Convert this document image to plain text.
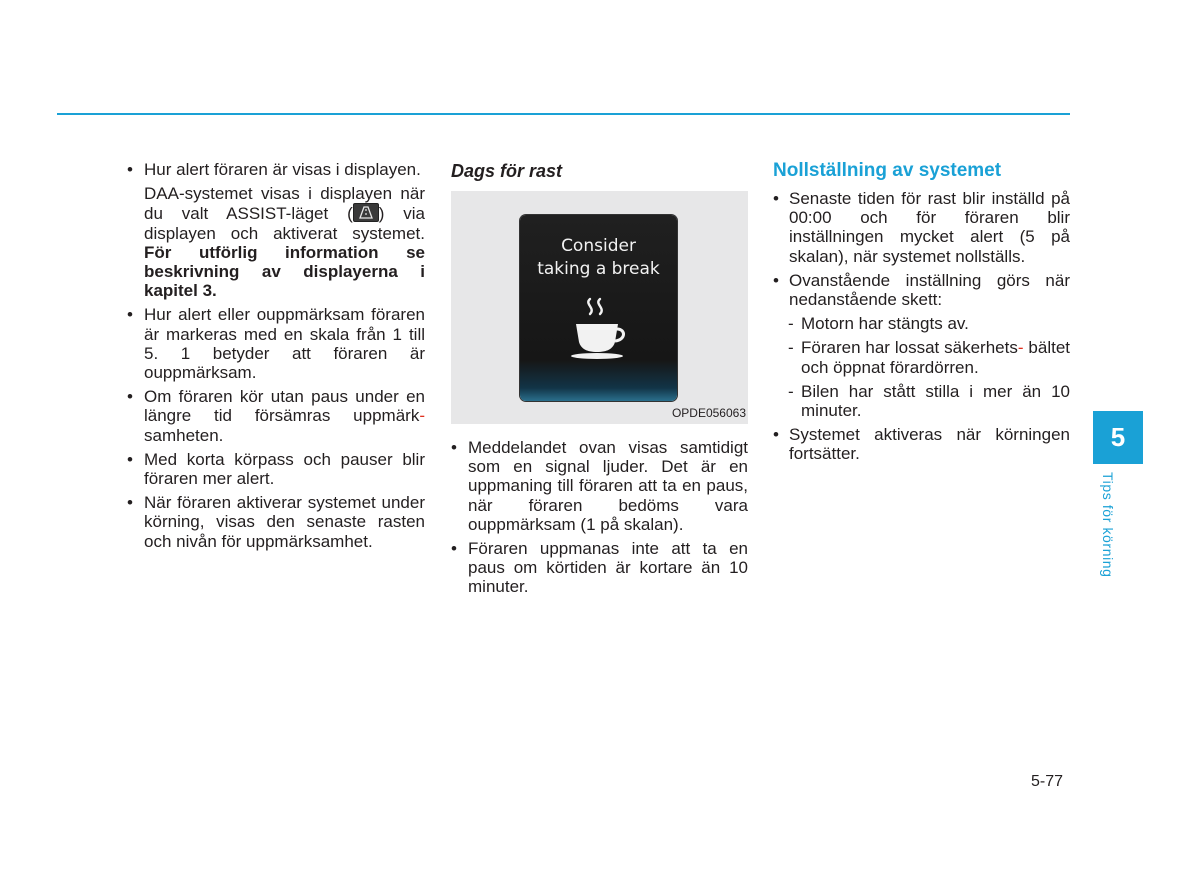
• Hur alert föraren är visas i displayen.
DAA-systemet visas i displayen när du valt ASSIST-läget ( ) via displayen och aktiverat systemet. För utförlig information se beskrivning av displayerna i kapitel 3.
• Hur alert eller ouppmärksam föraren är markeras med en skala från 1 till 5. 1 betyder att föraren är ouppmärksam.
• Om föraren kör utan paus under en längre tid försämras uppmärk- samheten.
• Med korta körpass och pauser blir föraren mer alert.
• När föraren aktiverar systemet under körning, visas den senaste rasten och nivån för uppmärksamhet.
Dags för rast
Consider
taking a break
OPDE056063
• Meddelandet ovan visas samtidigt som en signal ljuder. Det är en uppmaning till föraren att ta en paus, när föraren bedöms vara ouppmärksam (1 på skalan).
• Föraren uppmanas inte att ta en paus om körtiden är kortare än 10 minuter.
Nollställning av systemet
• Senaste tiden för rast blir inställd på 00:00 och för föraren blir inställningen mycket alert (5 på skalan), när systemet nollställs.
• Ovanstående inställning görs när nedanstående skett:
- Motorn har stängts av.
- Föraren har lossat säkerhets- bältet och öppnat förardörren.
- Bilen har stått stilla i mer än 10 minuter.
• Systemet aktiveras när körningen fortsätter.
5
Tips för körning
5-77
